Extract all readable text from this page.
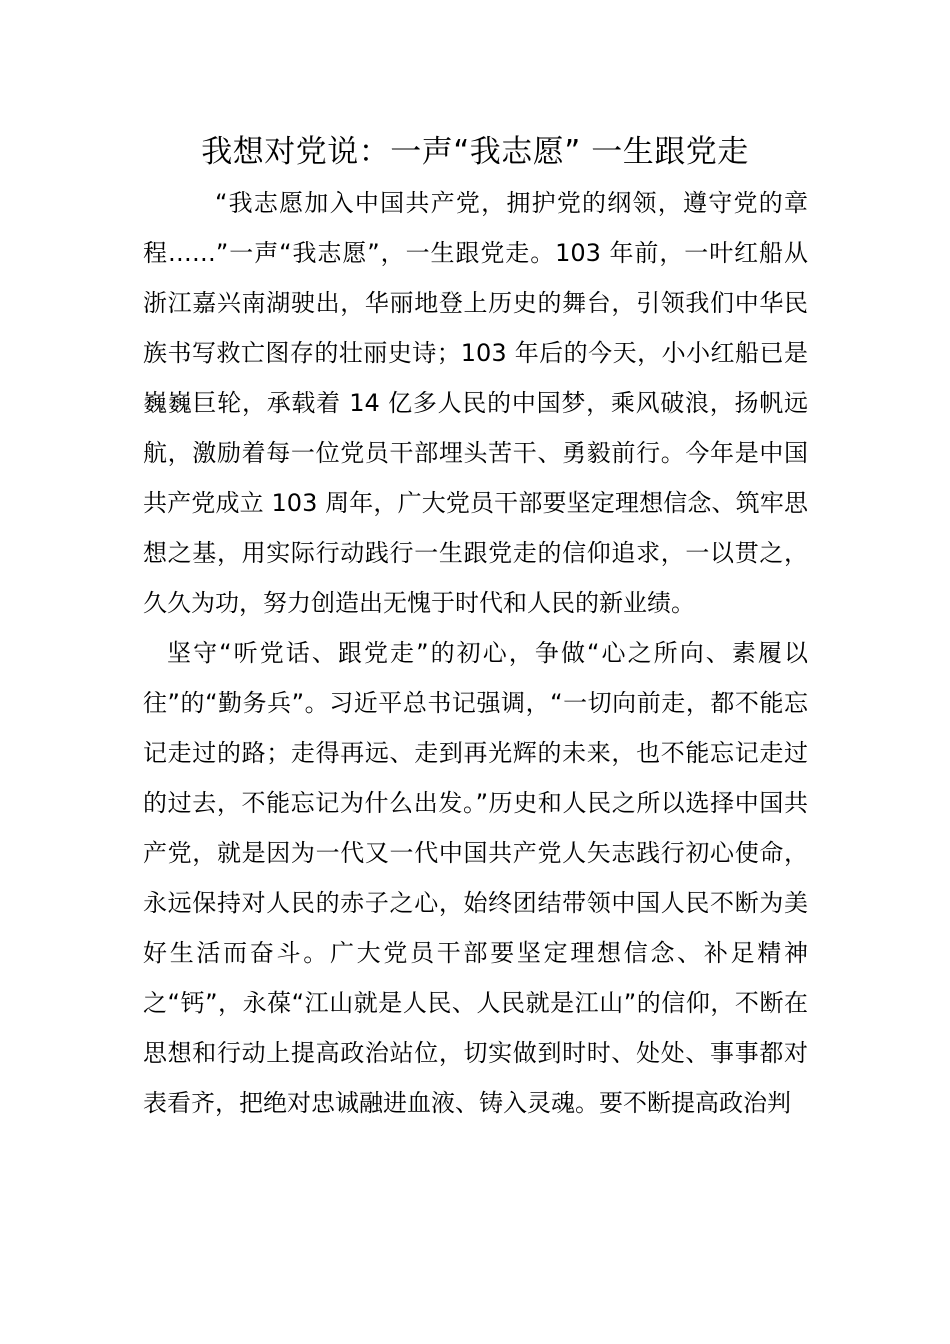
我想对党说：一声“我志愿” 一生跟党走

“我志愿加入中国共产党，拥护党的纲领，遵守党的章程……”一声“我志愿”，一生跟党走。103 年前，一叶红船从浙江嘉兴南湖驶出，华丽地登上历史的舞台，引领我们中华民族书写救亡图存的壮丽史诗；103 年后的今天，小小红船已是巍巍巨轮，承载着 14 亿多人民的中国梦，乘风破浪，扬帆远航，激励着每一位党员干部埋头苦干、勇毅前行。今年是中国共产党成立 103 周年，广大党员干部要坚定理想信念、筑牢思想之基，用实际行动践行一生跟党走的信仰追求，一以贯之，久久为功，努力创造出无愧于时代和人民的新业绩。

坚守“听党话、跟党走”的初心，争做“心之所向、素履以往”的“勤务兵”。习近平总书记强调，“一切向前走，都不能忘记走过的路；走得再远、走到再光辉的未来，也不能忘记走过的过去，不能忘记为什么出发。”历史和人民之所以选择中国共产党，就是因为一代又一代中国共产党人矢志践行初心使命，永远保持对人民的赤子之心，始终团结带领中国人民不断为美好生活而奋斗。广大党员干部要坚定理想信念、补足精神之“钙”，永葆“江山就是人民、人民就是江山”的信仰，不断在思想和行动上提高政治站位，切实做到时时、处处、事事都对表看齐，把绝对忠诚融进血液、铸入灵魂。要不断提高政治判
